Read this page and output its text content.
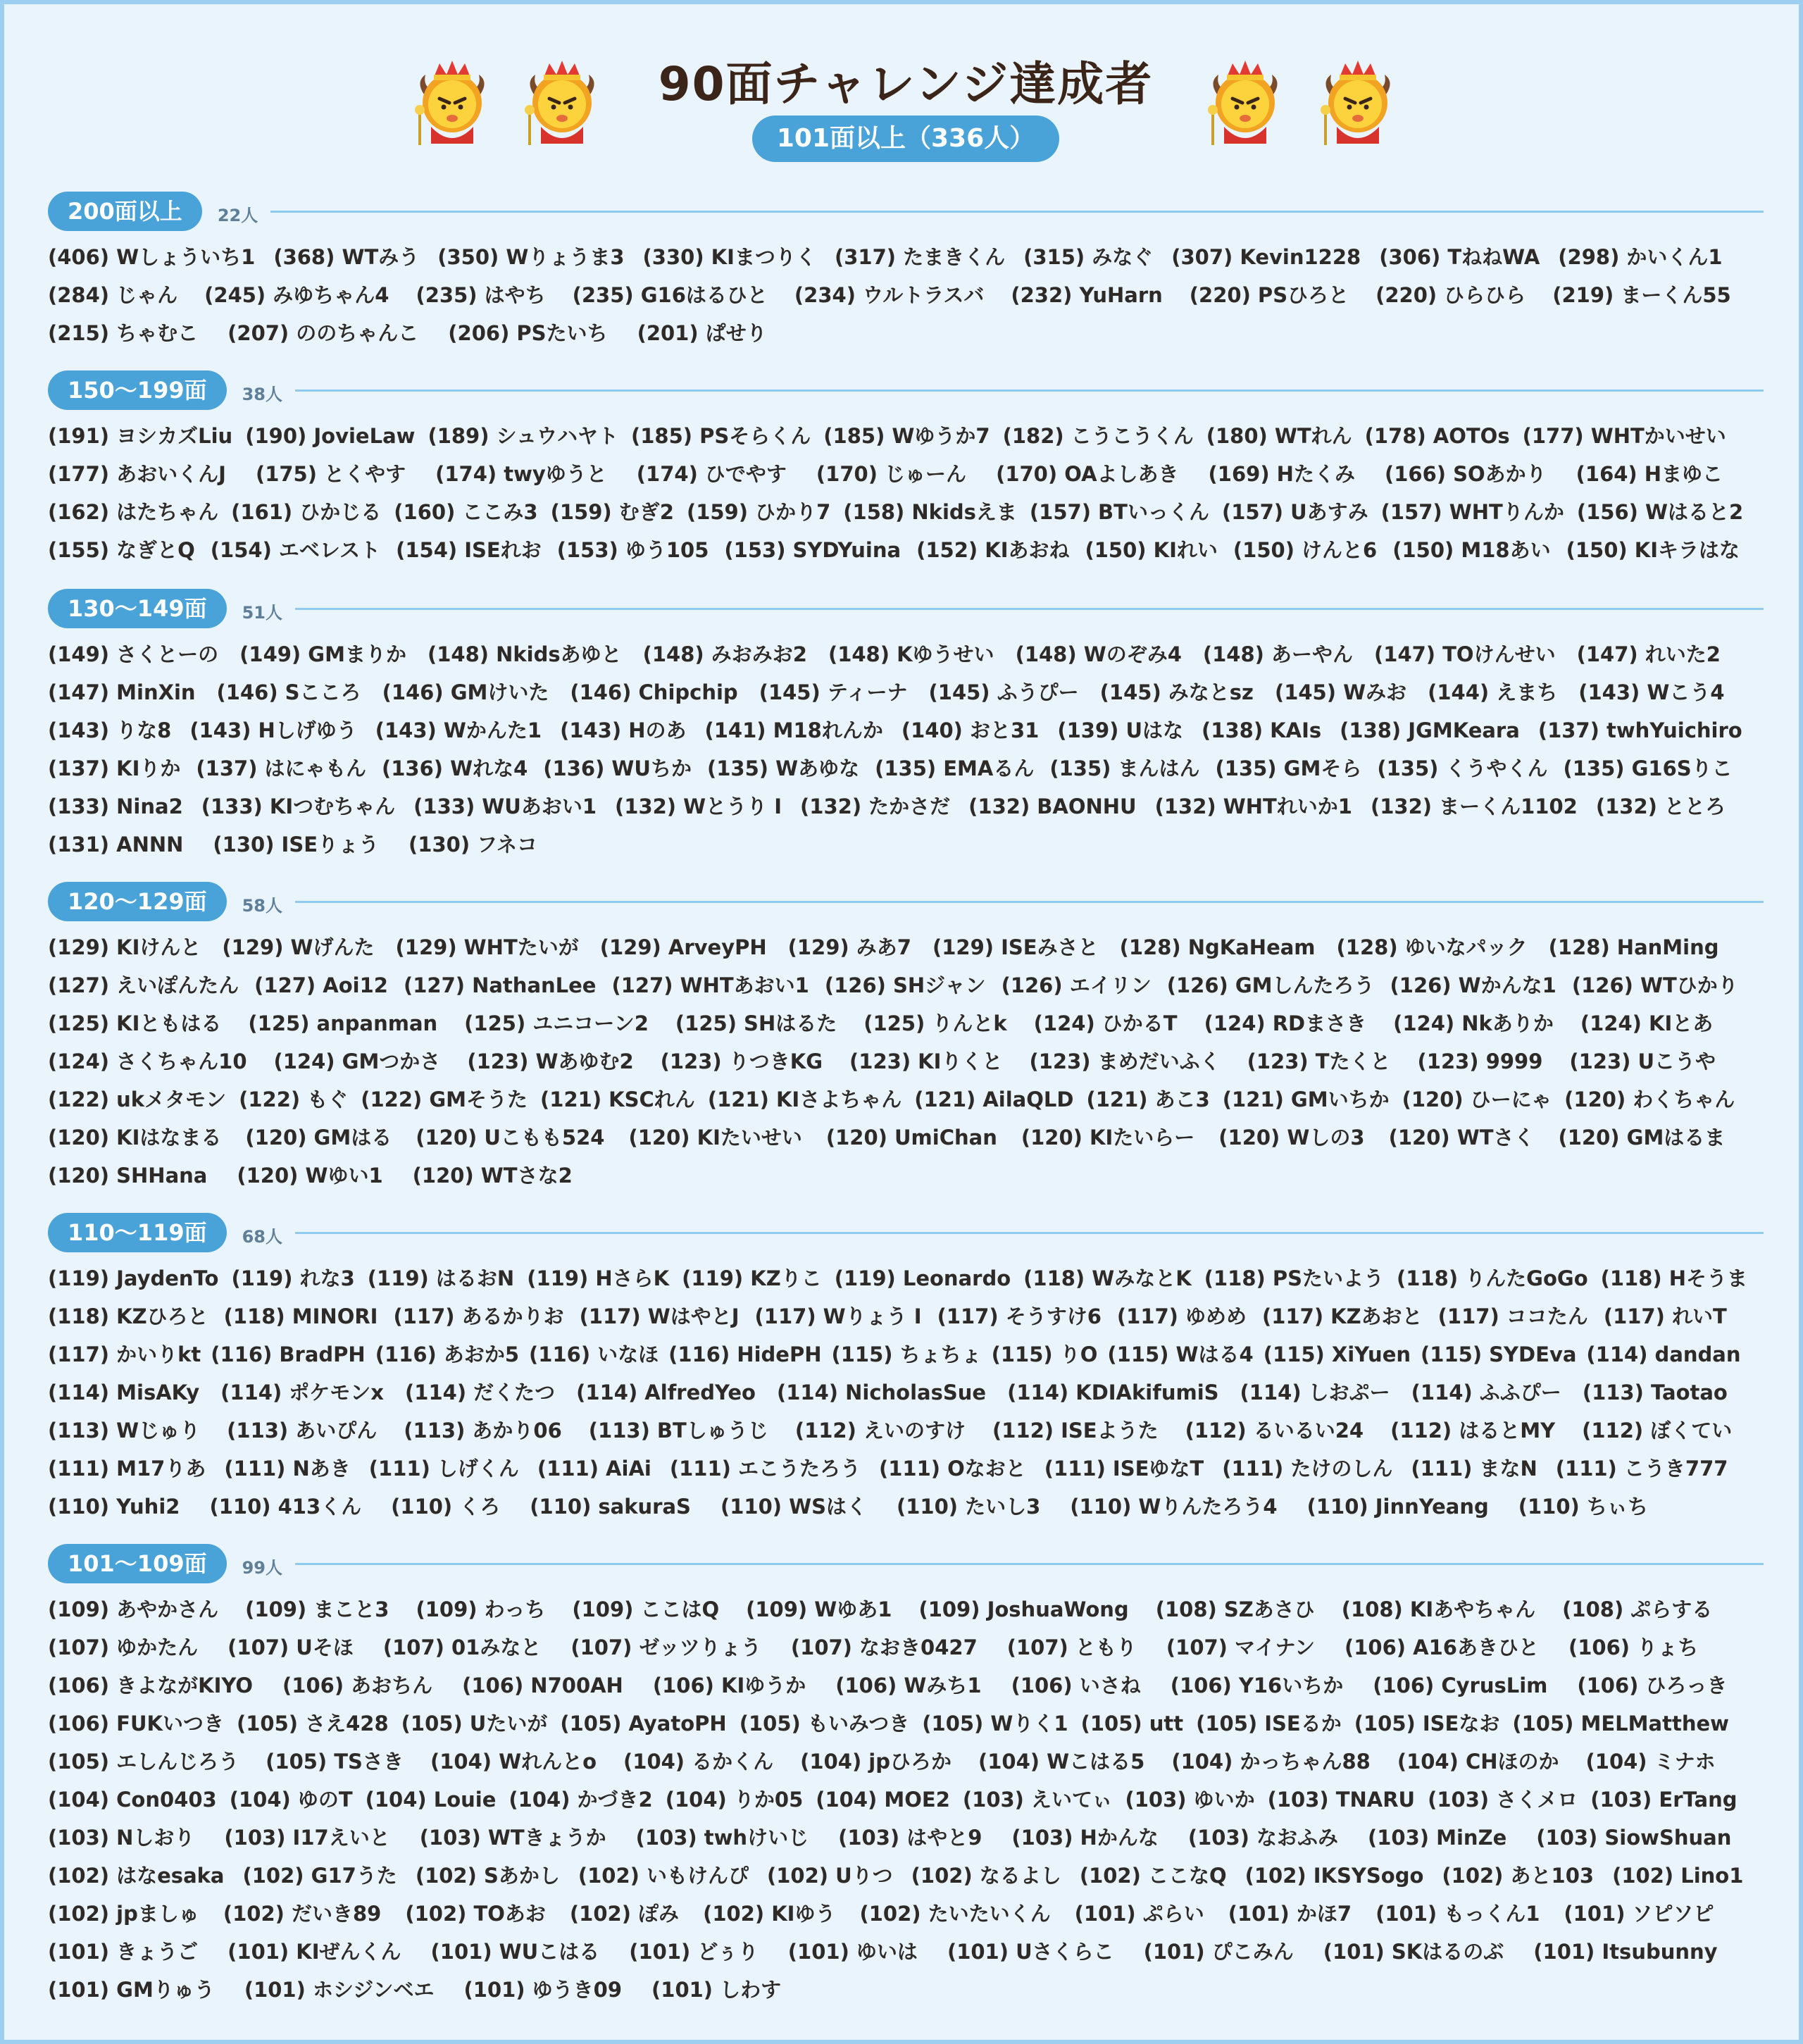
90面チャレンジ達成者
101面以上（336人）
200面以上	22人
(406) Wしょういち1 (368) WTみう (350) Wりょうま3 (330) KIまつりく (317) たまきくん (315) みなぐ (307) Kevin1228 (306) TねねWA (298) かいくん1
(284) じゃん (245) みゆちゃん4 (235) はやち (235) G16はるひと (234) ウルトラスバ (232) YuHarn (220) PSひろと (220) ひらひら (219) まーくん55
(215) ちゃむこ (207) ののちゃんこ (206) PSたいち (201) ぱせり
150〜199面	38人
(191) ヨシカズLiu (190) JovieLaw (189) シュウハヤト (185) PSそらくん (185) Wゆうか7 (182) こうこうくん (180) WTれん (178) AOTOs (177) WHTかいせい
(177) あおいくんJ (175) とくやす (174) twyゆうと (174) ひでやす (170) じゅーん (170) OAよしあき (169) Hたくみ (166) SOあかり (164) Hまゆこ
(162) はたちゃん (161) ひかじる (160) ここみ3 (159) むぎ2 (159) ひかり7 (158) Nkidsえま (157) BTいっくん (157) Uあすみ (157) WHTりんか (156) Wはると2
(155) なぎとQ (154) エベレスト (154) ISEれお (153) ゆう105 (153) SYDYuina (152) KIあおね (150) KIれい (150) けんと6 (150) M18あい (150) KIキラはな
130〜149面	51人
(149) さくとーの (149) GMまりか (148) Nkidsあゆと (148) みおみお2 (148) Kゆうせい (148) Wのぞみ4 (148) あーやん (147) TOけんせい (147) れいた2
(147) MinXin (146) Sこころ (146) GMけいた (146) Chipchip (145) ティーナ (145) ふうぴー (145) みなとsz (145) Wみお (144) えまち (143) Wこう4
(143) りな8 (143) Hしげゆう (143) Wかんた1 (143) Hのあ (141) M18れんか (140) おと31 (139) Uはな (138) KAIs (138) JGMKeara (137) twhYuichiro
(137) KIりか (137) はにゃもん (136) Wれな4 (136) WUちか (135) Wあゆな (135) EMAるん (135) まんはん (135) GMそら (135) くうやくん (135) G16Sりこ
(133) Nina2 (133) KIつむちゃん (133) WUあおい1 (132) Wとうり I (132) たかさだ (132) BAONHU (132) WHTれいか1 (132) まーくん1102 (132) ととろ
(131) ANNN (130) ISEりょう (130) フネコ
120〜129面	58人
(129) KIけんと (129) Wげんた (129) WHTたいが (129) ArveyPH (129) みあ7 (129) ISEみさと (128) NgKaHeam (128) ゆいなパック (128) HanMing
(127) えいぽんたん (127) Aoi12 (127) NathanLee (127) WHTあおい1 (126) SHジャン (126) エイリン (126) GMしんたろう (126) Wかんな1 (126) WTひかり
(125) KIともはる (125) anpanman (125) ユニコーン2 (125) SHはるた (125) りんとk (124) ひかるT (124) RDまさき (124) Nkありか (124) KIとあ
(124) さくちゃん10 (124) GMつかさ (123) Wあゆむ2 (123) りつきKG (123) KIりくと (123) まめだいふく (123) Tたくと (123) 9999 (123) Uこうや
(122) ukメタモン (122) もぐ (122) GMそうた (121) KSCれん (121) KIさよちゃん (121) AilaQLD (121) あこ3 (121) GMいちか (120) ひーにゃ (120) わくちゃん
(120) KIはなまる (120) GMはる (120) Uこもも524 (120) KIたいせい (120) UmiChan (120) KIたいらー (120) Wしの3 (120) WTさく (120) GMはるま
(120) SHHana (120) Wゆい1 (120) WTさな2
110〜119面	68人
(119) JaydenTo (119) れな3 (119) はるおN (119) HさらK (119) KZりこ (119) Leonardo (118) WみなとK (118) PSたいよう (118) りんたGoGo (118) Hそうま
(118) KZひろと (118) MINORI (117) あるかりお (117) WはやとJ (117) Wりょう I (117) そうすけ6 (117) ゆめめ (117) KZあおと (117) ココたん (117) れいT
(117) かいりkt (116) BradPH (116) あおか5 (116) いなほ (116) HidePH (115) ちょちょ (115) りO (115) Wはる4 (115) XiYuen (115) SYDEva (114) dandan
(114) MisAKy (114) ポケモンx (114) だくたつ (114) AlfredYeo (114) NicholasSue (114) KDIAkifumiS (114) しおぷー (114) ふふぴー (113) Taotao
(113) Wじゅり (113) あいぴん (113) あかり06 (113) BTしゅうじ (112) えいのすけ (112) ISEようた (112) るいるい24 (112) はるとMY (112) ぼくてい
(111) M17りあ (111) Nあき (111) しげくん (111) AiAi (111) エこうたろう (111) Oなおと (111) ISEゆなT (111) たけのしん (111) まなN (111) こうき777
(110) Yuhi2 (110) 413くん (110) くろ (110) sakuraS (110) WSはく (110) たいし3 (110) Wりんたろう4 (110) JinnYeang (110) ちぃち
101〜109面	99人
(109) あやかさん (109) まこと3 (109) わっち (109) ここはQ (109) Wゆあ1 (109) JoshuaWong (108) SZあさひ (108) KIあやちゃん (108) ぷらする
(107) ゆかたん (107) Uそほ (107) 01みなと (107) ゼッツりょう (107) なおき0427 (107) ともり (107) マイナン (106) A16あきひと (106) りょち
(106) きよながKIYO (106) あおちん (106) N700AH (106) KIゆうか (106) Wみち1 (106) いさね (106) Y16いちか (106) CyrusLim (106) ひろっき
(106) FUKいつき (105) さえ428 (105) Uたいが (105) AyatoPH (105) もいみつき (105) Wりく1 (105) utt (105) ISEるか (105) ISEなお (105) MELMatthew
(105) エしんじろう (105) TSさき (104) Wれんとo (104) るかくん (104) jpひろか (104) Wこはる5 (104) かっちゃん88 (104) CHほのか (104) ミナホ
(104) Con0403 (104) ゆのT (104) Louie (104) かづき2 (104) りか05 (104) MOE2 (103) えいてぃ (103) ゆいか (103) TNARU (103) さくメロ (103) ErTang
(103) Nしおり (103) I17えいと (103) WTきょうか (103) twhけいじ (103) はやと9 (103) Hかんな (103) なおふみ (103) MinZe (103) SiowShuan
(102) はなesaka (102) G17うた (102) Sあかし (102) いもけんぴ (102) Uりつ (102) なるよし (102) ここなQ (102) IKSYSogo (102) あと103 (102) Lino1
(102) jpましゅ (102) だいき89 (102) TOあお (102) ぽみ (102) KIゆう (102) たいたいくん (101) ぷらい (101) かほ7 (101) もっくん1 (101) ソピソピ
(101) きょうご (101) KIぜんくん (101) WUこはる (101) どぅり (101) ゆいは (101) Uさくらこ (101) ぴこみん (101) SKはるのぶ (101) Itsubunny
(101) GMりゅう (101) ホシジンベエ (101) ゆうき09 (101) しわす
